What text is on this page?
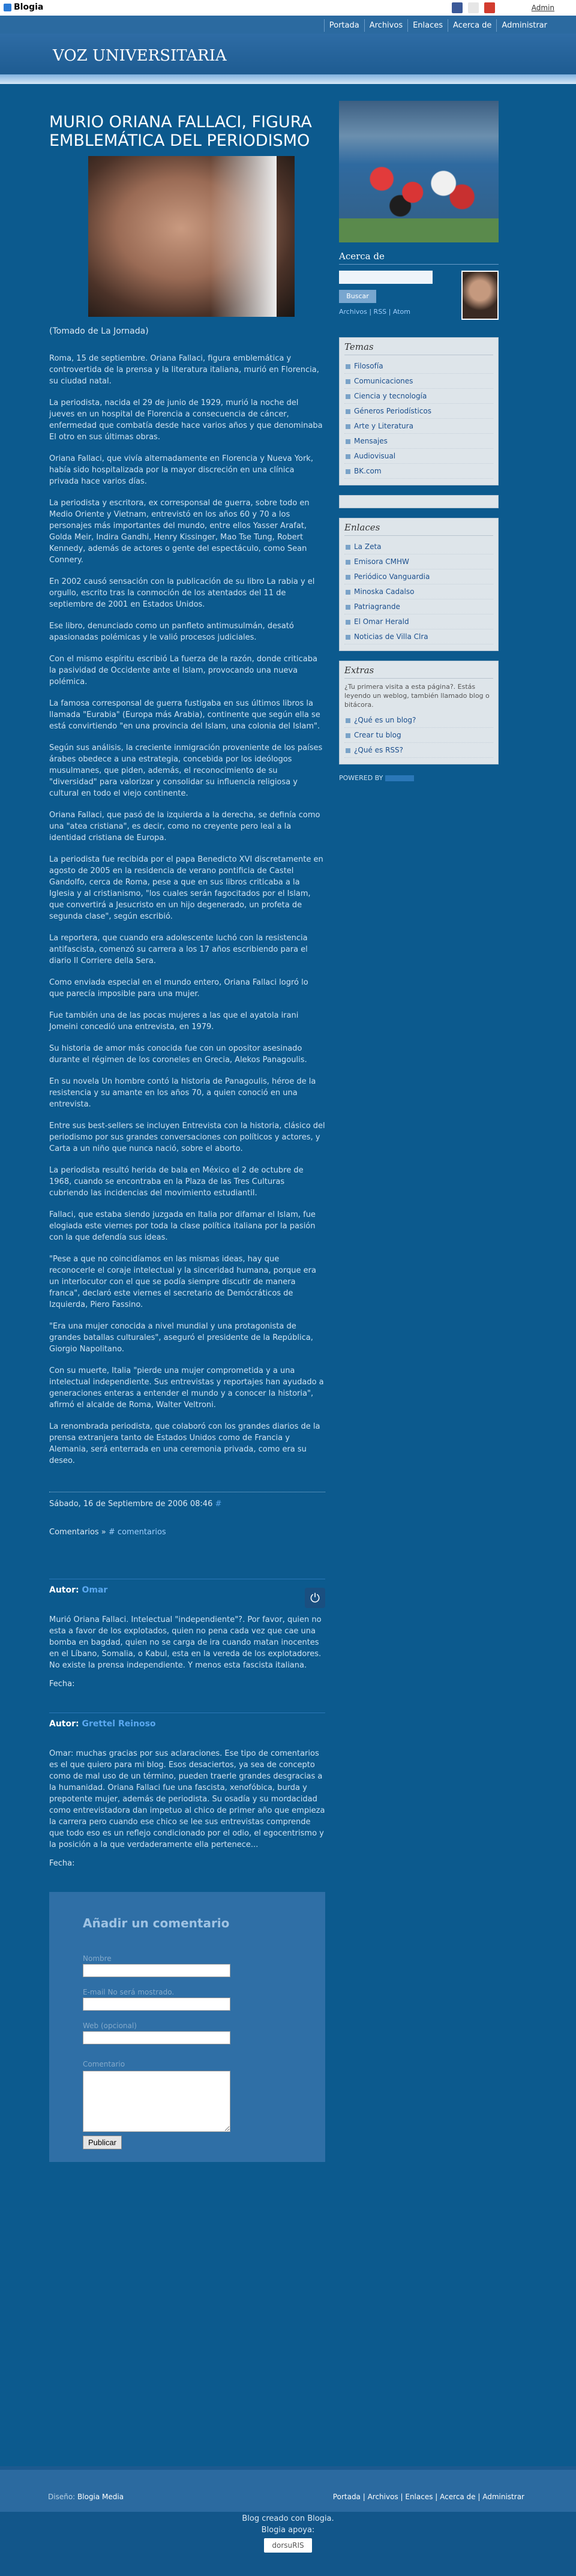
Blogia
	Admin
Portada	Archivos	Enlaces	Acerca de	Administrar
VOZ UNIVERSITARIA
MURIO ORIANA FALLACI, FIGURA EMBLEMÁTICA DEL PERIODISMO
(Tomado de La Jornada)
Roma, 15 de septiembre. Oriana Fallaci, figura emblemática y controvertida de la prensa y la literatura italiana, murió en Florencia, su ciudad natal.
La periodista, nacida el 29 de junio de 1929, murió la noche del jueves en un hospital de Florencia a consecuencia de cáncer, enfermedad que combatía desde hace varios años y que denominaba El otro en sus últimas obras.
Oriana Fallaci, que vivía alternadamente en Florencia y Nueva York, había sido hospitalizada por la mayor discreción en una clínica privada hace varios días.
La periodista y escritora, ex corresponsal de guerra, sobre todo en Medio Oriente y Vietnam, entrevistó en los años 60 y 70 a los personajes más importantes del mundo, entre ellos Yasser Arafat, Golda Meir, Indira Gandhi, Henry Kissinger, Mao Tse Tung, Robert Kennedy, además de actores o gente del espectáculo, como Sean Connery.
En 2002 causó sensación con la publicación de su libro La rabia y el orgullo, escrito tras la conmoción de los atentados del 11 de septiembre de 2001 en Estados Unidos.
Ese libro, denunciado como un panfleto antimusulmán, desató apasionadas polémicas y le valió procesos judiciales.
Con el mismo espíritu escribió La fuerza de la razón, donde criticaba la pasividad de Occidente ante el Islam, provocando una nueva polémica.
La famosa corresponsal de guerra fustigaba en sus últimos libros la llamada "Eurabia" (Europa más Arabia), continente que según ella se está convirtiendo "en una provincia del Islam, una colonia del Islam".
Según sus análisis, la creciente inmigración proveniente de los países árabes obedece a una estrategia, concebida por los ideólogos musulmanes, que piden, además, el reconocimiento de su "diversidad" para valorizar y consolidar su influencia religiosa y cultural en todo el viejo continente.
Oriana Fallaci, que pasó de la izquierda a la derecha, se definía como una "atea cristiana", es decir, como no creyente pero leal a la identidad cristiana de Europa.
La periodista fue recibida por el papa Benedicto XVI discretamente en agosto de 2005 en la residencia de verano pontificia de Castel Gandolfo, cerca de Roma, pese a que en sus libros criticaba a la Iglesia y al cristianismo, "los cuales serán fagocitados por el Islam, que convertirá a Jesucristo en un hijo degenerado, un profeta de segunda clase", según escribió.
La reportera, que cuando era adolescente luchó con la resistencia antifascista, comenzó su carrera a los 17 años escribiendo para el diario Il Corriere della Sera.
Como enviada especial en el mundo entero, Oriana Fallaci logró lo que parecía imposible para una mujer.
Fue también una de las pocas mujeres a las que el ayatola irani Jomeini concedió una entrevista, en 1979.
Su historia de amor más conocida fue con un opositor asesinado durante el régimen de los coroneles en Grecia, Alekos Panagoulis.
En su novela Un hombre contó la historia de Panagoulis, héroe de la resistencia y su amante en los años 70, a quien conoció en una entrevista.
Entre sus best-sellers se incluyen Entrevista con la historia, clásico del periodismo por sus grandes conversaciones con políticos y actores, y Carta a un niño que nunca nació, sobre el aborto.
La periodista resultó herida de bala en México el 2 de octubre de 1968, cuando se encontraba en la Plaza de las Tres Culturas cubriendo las incidencias del movimiento estudiantil.
Fallaci, que estaba siendo juzgada en Italia por difamar el Islam, fue elogiada este viernes por toda la clase política italiana por la pasión con la que defendía sus ideas.
"Pese a que no coincidíamos en las mismas ideas, hay que reconocerle el coraje intelectual y la sinceridad humana, porque era un interlocutor con el que se podía siempre discutir de manera franca", declaró este viernes el secretario de Demócráticos de Izquierda, Piero Fassino.
"Era una mujer conocida a nivel mundial y una protagonista de grandes batallas culturales", aseguró el presidente de la República, Giorgio Napolitano.
Con su muerte, Italia "pierde una mujer comprometida y a una intelectual independiente. Sus entrevistas y reportajes han ayudado a generaciones enteras a entender el mundo y a conocer la historia", afirmó el alcalde de Roma, Walter Veltroni.
La renombrada periodista, que colaboró con los grandes diarios de la prensa extranjera tanto de Estados Unidos como de Francia y Alemania, será enterrada en una ceremonia privada, como era su deseo.
Sábado, 16 de Septiembre de 2006 08:46 #
Comentarios » # comentarios
Autor: Omar
⏻
Murió Oriana Fallaci. Intelectual "independiente"?. Por favor, quien no esta a favor de los explotados, quien no pena cada vez que cae una bomba en bagdad, quien no se carga de ira cuando matan inocentes en el Líbano, Somalia, o Kabul, esta en la vereda de los explotadores. No existe la prensa independiente. Y menos esta fascista italiana.
Fecha:
Autor: Grettel Reinoso
Omar: muchas gracias por sus aclaraciones. Ese tipo de comentarios es el que quiero para mi blog. Esos desaciertos, ya sea de concepto como de mal uso de un término, pueden traerle grandes desgracias a la humanidad. Oriana Fallaci fue una fascista, xenofóbica, burda y prepotente mujer, además de periodista. Su osadía y su mordacidad como entrevistadora dan impetuo al chico de primer año que empieza la carrera pero cuando ese chico se lee sus entrevistas comprende que todo eso es un reflejo condicionado por el odio, el egocentrismo y la posición a la que verdaderamente ella pertenece...
Fecha:
Añadir un comentario
Nombre
E-mail No será mostrado.
Web (opcional)
Comentario
Publicar
Acerca de
Buscar
Archivos | RSS | Atom
Temas
Filosofía
Comunicaciones
Ciencia y tecnología
Géneros Periodísticos
Arte y Literatura
Mensajes
Audiovisual
BK.com
Enlaces
La Zeta
Emisora CMHW
Periódico Vanguardia
Minoska Cadalso
Patriagrande
El Omar Herald
Noticias de Villa Clra
Extras
¿Tu primera visita a esta página?. Estás leyendo un weblog, también llamado blog o bitácora.
¿Qué es un blog?
Crear tu blog
¿Qué es RSS?
POWERED BY
Diseño: Blogia Media	Portada | Archivos | Enlaces | Acerca de | Administrar
Blog creado con Blogia.
Blogia apoya:
dorsuRIS
